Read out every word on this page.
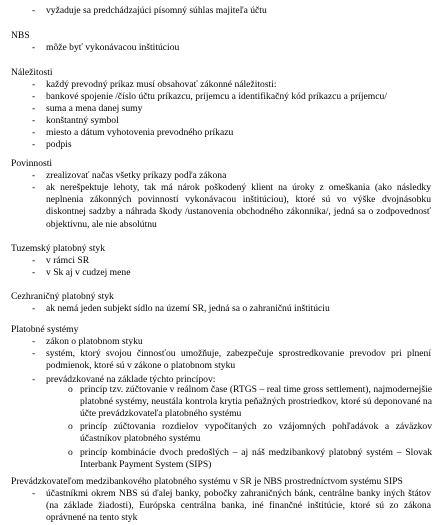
-	vyžaduje sa predchádzajúci písomný súhlas majiteľa účtu
NBS
-	môže byť vykonávacou inštitúciou
Náležitosti
-	každý prevodný príkaz musí obsahovať zákonné náležitosti:
-	bankové spojenie /číslo účtu príkazcu, príjemcu a identifikačný kód príkazcu a príjemcu/
-	suma a mena danej sumy
-	konštantný symbol
-	miesto a dátum vyhotovenia prevodného príkazu
-	podpis
Povinnosti
-	zrealizovať načas všetky príkazy podľa zákona
-	ak nerešpektuje lehoty, tak má nárok poškodený klient na úroky z omeškania (ako následky neplnenia zákonných povinností vykonávacou inštitúciou), ktoré sú vo výške dvojnásobku diskontnej sadzby a náhrada škody /ustanovenia obchodného zákonníka/, jedná sa o zodpovednosť objektívnu, ale nie absolútnu
Tuzemský platobný styk
-	v rámci SR
-	v Sk aj v cudzej mene
Cezhraničný platobný styk
-	ak nemá jeden subjekt sídlo na území SR, jedná sa o zahraničnú inštitúciu
Platobné systémy
-	zákon o platobnom styku
-	systém, ktorý svojou činnosťou umožňuje, zabezpečuje sprostredkovanie prevodov pri plnení podmienok, ktoré sú v zákone o platobnom styku
-	prevádzkované na základe týchto princípov:
o princíp tzv. zúčtovanie v reálnom čase (RTGS – real time gross settlement), najmodernejšie platobné systémy, neustála kontrola krytia peňažných prostriedkov, ktoré sú deponované na účte prevádzkovateľa platobného systému
o princíp zúčtovania rozdielov vypočítaných zo vzájomných pohľadávok a záväzkov účastníkov platobného systému
o princíp kombinácie dvoch predošlých – aj náš medzibankový platobný systém – Slovak Interbank Payment System (SIPS)
Prevádzkovateľom medzibankového platobného systému v SR je NBS prostredníctvom systému SIPS
-	účastníkmi okrem NBS sú ďalej banky, pobočky zahraničných bánk, centrálne banky iných štátov (na základe žiadosti), Európska centrálna banka, iné finančné inštitúcie, ktoré sú zo zákona oprávnené na tento styk
